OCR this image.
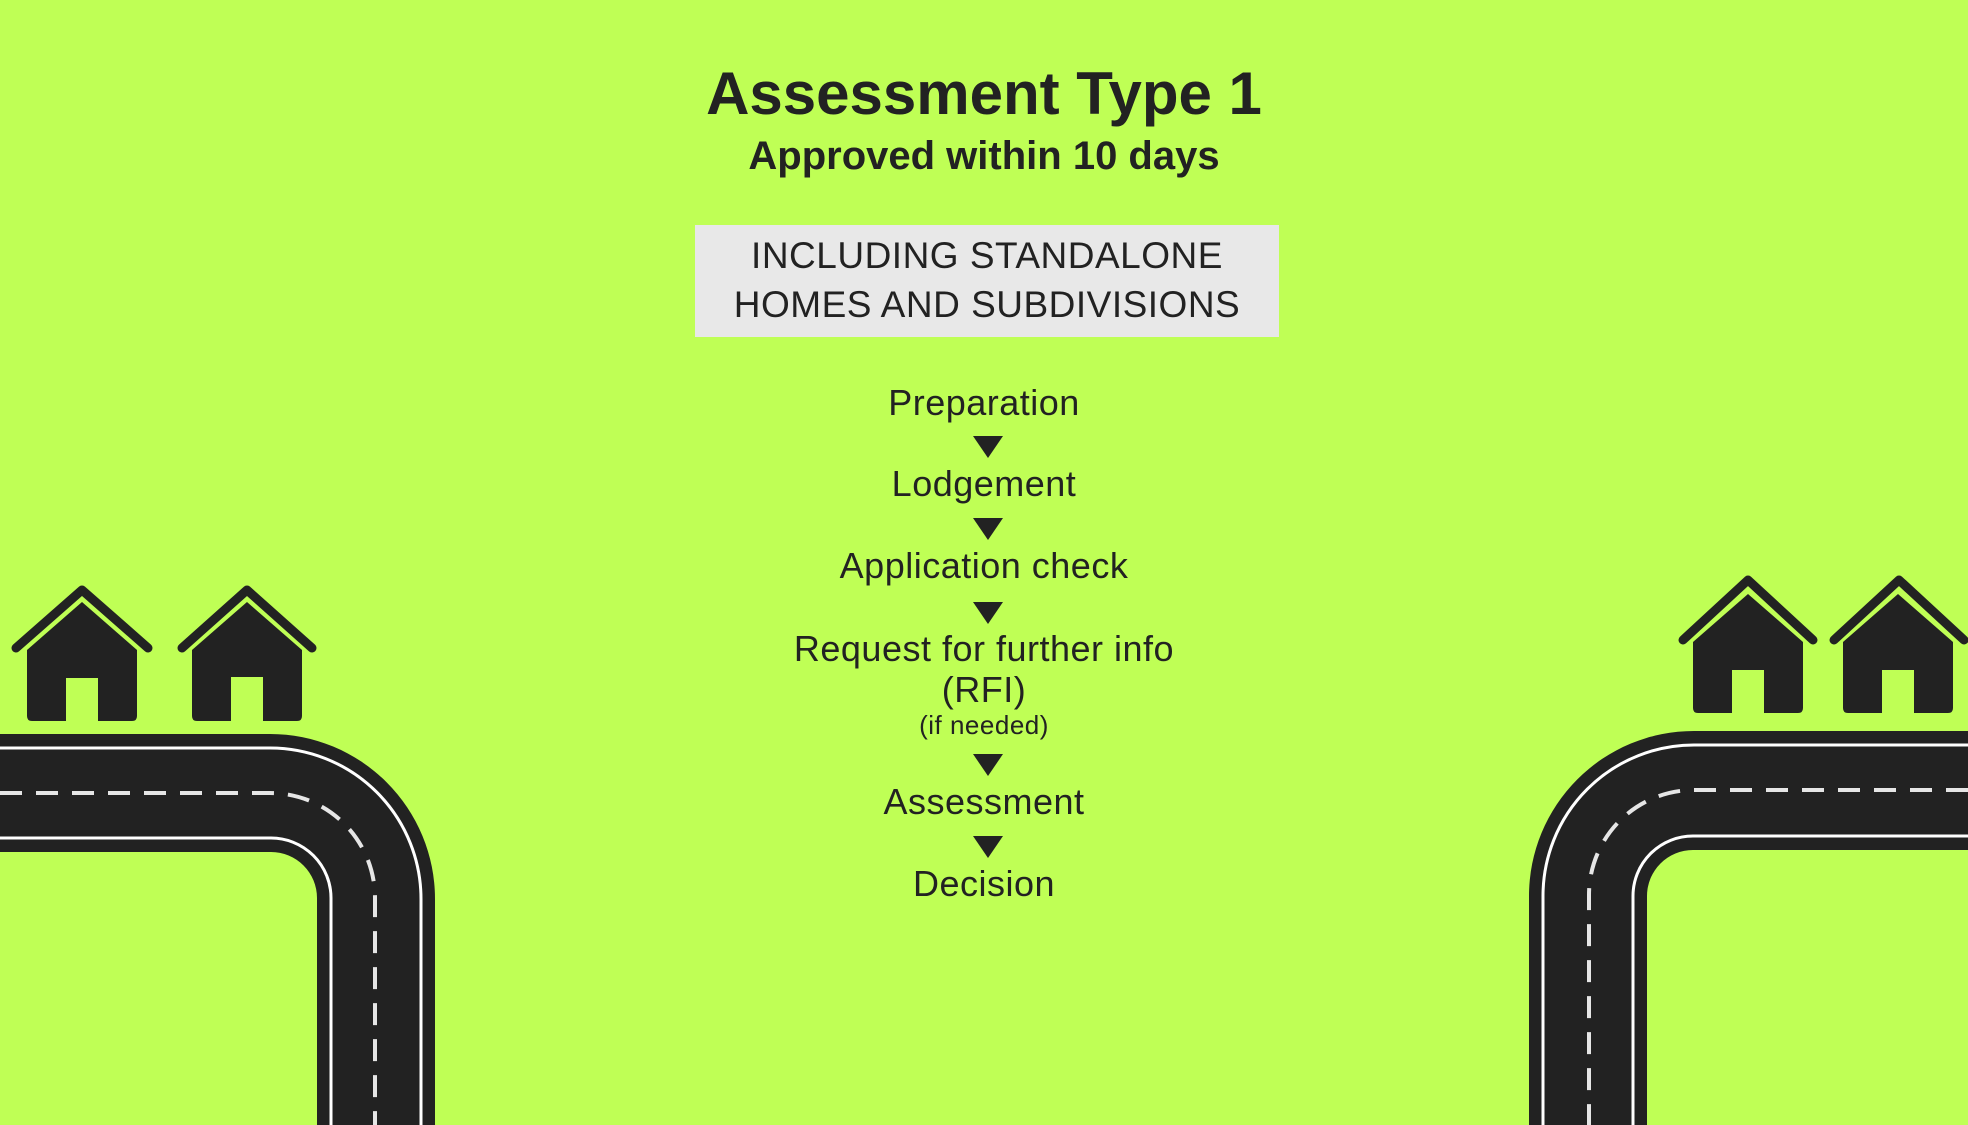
Assessment Type 1
Approved within 10 days
INCLUDING STANDALONE
HOMES AND SUBDIVISIONS
Preparation
Lodgement
Application check
Request for further info
(RFI)
(if needed)
Assessment
Decision
